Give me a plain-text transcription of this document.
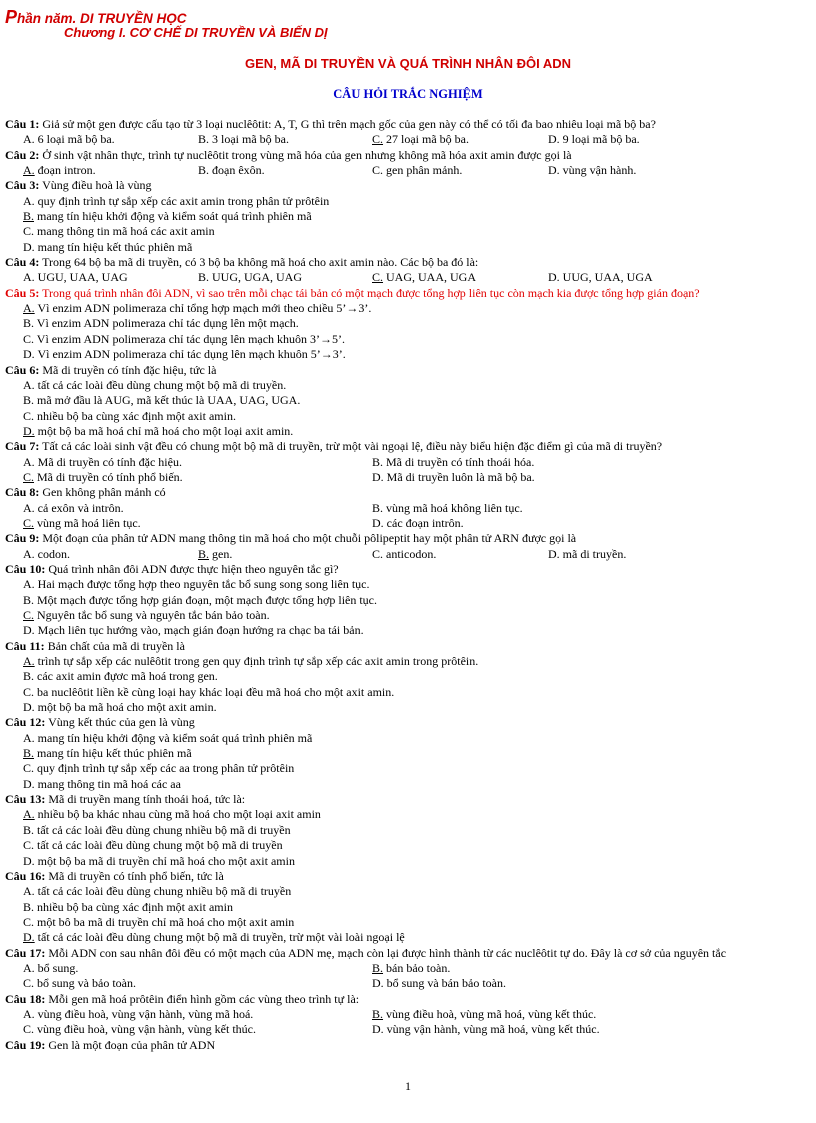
Phần năm. DI TRUYỀN HỌC
Chương I. CƠ CHẾ DI TRUYỀN VÀ BIẾN DỊ
GEN, MÃ DI TRUYỀN VÀ QUÁ TRÌNH NHÂN ĐÔI ADN
CÂU HỎI TRẮC NGHIỆM
Câu 1: Giả sử một gen được cấu tạo từ 3 loại nuclêôtit: A, T, G thì trên mạch gốc của gen này có thể có tối đa bao nhiêu loại mã bộ ba?
A. 6 loại mã bộ ba.	B. 3 loại mã bộ ba.	C. 27 loại mã bộ ba.	D. 9 loại mã bộ ba.
Câu 2: Ở sinh vật nhân thực, trình tự nuclêôtit trong vùng mã hóa của gen nhưng không mã hóa axit amin được gọi là
A. đoạn intron.	B. đoạn êxôn.	C. gen phân mảnh.	D. vùng vận hành.
Câu 3: Vùng điều hoà là vùng
A. quy định trình tự sắp xếp các axit amin trong phân tử prôtêin
B. mang tín hiệu khởi động và kiểm soát quá trình phiên mã
C. mang thông tin mã hoá các axit amin
D. mang tín hiệu kết thúc phiên mã
Câu 4: Trong 64 bộ ba mã di truyền, có 3 bộ ba không mã hoá cho axit amin nào. Các bộ ba đó là:
A. UGU, UAA, UAG	B. UUG, UGA, UAG	C. UAG, UAA, UGA	D. UUG, UAA, UGA
Câu 5: Trong quá trình nhân đôi ADN, vì sao trên mỗi chạc tái bản có một mạch được tổng hợp liên tục còn mạch kia được tổng hợp gián đoạn?
A. Vì enzim ADN polimeraza chỉ tổng hợp mạch mới theo chiều 5’→3’.
B. Vì enzim ADN polimeraza chỉ tác dụng lên một mạch.
C. Vì enzim ADN polimeraza chỉ tác dụng lên mạch khuôn 3’→5’.
D. Vì enzim ADN polimeraza chỉ tác dụng lên mạch khuôn 5’→3’.
Câu 6: Mã di truyền có tính đặc hiệu, tức là
A. tất cả các loài đều dùng chung một bộ mã di truyền.
B. mã mở đầu là AUG, mã kết thúc là UAA, UAG, UGA.
C. nhiều bộ ba cùng xác định một axit amin.
D. một bộ ba mã hoá chỉ mã hoá cho một loại axit amin.
Câu 7: Tất cả các loài sinh vật đều có chung một bộ mã di truyền, trừ một vài ngoại lệ, điều này biểu hiện đặc điểm gì của mã di truyền?
A. Mã di truyền có tính đặc hiệu.	B. Mã di truyền có tính thoái hóa.
C. Mã di truyền có tính phổ biến.	D. Mã di truyền luôn là mã bộ ba.
Câu 8: Gen không phân mảnh có
A. cả exôn và intrôn.	B. vùng mã hoá không liên tục.
C. vùng mã hoá liên tục.	D. các đoạn intrôn.
Câu 9: Một đoạn của phân tử ADN mang thông tin mã hoá cho một chuỗi pôlipeptit hay một phân tử ARN được gọi là
A. codon.	B. gen.	C. anticodon.	D. mã di truyền.
Câu 10: Quá trình nhân đôi ADN được thực hiện theo nguyên tắc gì?
A. Hai mạch được tổng hợp theo nguyên tắc bổ sung song song liên tục.
B. Một mạch được tổng hợp gián đoạn, một mạch được tổng hợp liên tục.
C. Nguyên tắc bổ sung và nguyên tắc bán bảo toàn.
D. Mạch liên tục hướng vào, mạch gián đoạn hướng ra chạc ba tái bản.
Câu 11: Bản chất của mã di truyền là
A. trình tự sắp xếp các nulêôtit trong gen quy định trình tự sắp xếp các axit amin trong prôtêin.
B. các axit amin đựơc mã hoá trong gen.
C. ba nuclêôtit liền kề cùng loại hay khác loại đều mã hoá cho một axit amin.
D. một bộ ba mã hoá cho một axit amin.
Câu 12: Vùng kết thúc của gen là vùng
A. mang tín hiệu khởi động và kiểm soát quá trình phiên mã
B. mang tín hiệu kết thúc phiên mã
C. quy định trình tự sắp xếp các aa trong phân tử prôtêin
D. mang thông tin mã hoá các aa
Câu 13: Mã di truyền mang tính thoái hoá, tức là:
A. nhiều bộ ba khác nhau cùng mã hoá cho một loại axit amin
B. tất cả các loài đều dùng chung nhiều bộ mã di truyền
C. tất cả các loài đều dùng chung một bộ mã di truyền
D. một bộ ba mã di truyền chỉ mã hoá cho một axit amin
Câu 16: Mã di truyền có tính phổ biến, tức là
A. tất cả các loài đều dùng chung nhiều bộ mã di truyền
B. nhiều bộ ba cùng xác định một axit amin
C. một bô ba mã di truyền chỉ mã hoá cho một axit amin
D. tất cả các loài đều dùng chung một bộ mã di truyền, trừ một vài loài ngoại lệ
Câu 17: Mỗi ADN con sau nhân đôi đều có một mạch của ADN mẹ, mạch còn lại được hình thành từ các nuclêôtit tự do. Đây là cơ sở của nguyên tắc
A. bổ sung.	B. bán bảo toàn.
C. bổ sung và bảo toàn.	D. bổ sung và bán bảo toàn.
Câu 18: Mỗi gen mã hoá prôtêin điển hình gồm các vùng theo trình tự là:
A. vùng điều hoà, vùng vận hành, vùng mã hoá.	B. vùng điều hoà, vùng mã hoá, vùng kết thúc.
C. vùng điều hoà, vùng vận hành, vùng kết thúc.	D. vùng vận hành, vùng mã hoá, vùng kết thúc.
Câu 19: Gen là một đoạn của phân tử ADN
1
